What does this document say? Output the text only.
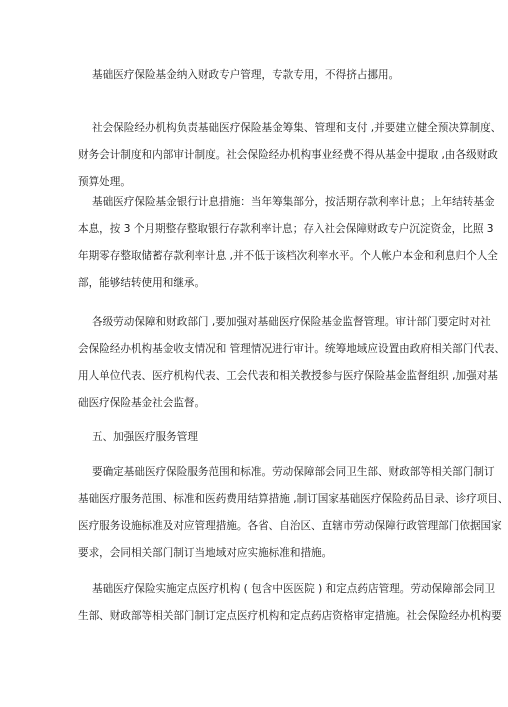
基础医疗保险基金纳入财政专户管理，专款专用，不得挤占挪用。

社会保险经办机构负责基础医疗保险基金筹集、管理和支付 ,并要建立健全预决算制度、
财务会计制度和内部审计制度。社会保险经办机构事业经费不得从基金中提取 ,由各级财政
预算处理。

基础医疗保险基金银行计息措施：当年筹集部分，按活期存款利率计息；上年结转基金
本息，按 3 个月期整存整取银行存款利率计息；存入社会保障财政专户沉淀资金，比照 3
年期零存整取储蓄存款利率计息 ,并不低于该档次利率水平。个人帐户本金和利息归个人全
部，能够结转使用和继承。

各级劳动保障和财政部门 ,要加强对基础医疗保险基金监督管理。审计部门要定时对社
会保险经办机构基金收支情况和 管理情况进行审计。统筹地域应设置由政府相关部门代表、
用人单位代表、医疗机构代表、工会代表和相关教授参与医疗保险基金监督组织 ,加强对基
础医疗保险基金社会监督。

五、加强医疗服务管理

要确定基础医疗保险服务范围和标准。劳动保障部会同卫生部、财政部等相关部门制订
基础医疗服务范围、标准和医药费用结算措施 ,制订国家基础医疗保险药品目录、诊疗项目、
医疗服务设施标准及对应管理措施。各省、自治区、直辖市劳动保障行政管理部门依据国家
要求，会同相关部门制订当地域对应实施标准和措施。

基础医疗保险实施定点医疗机构 ( 包含中医医院 ) 和定点药店管理。劳动保障部会同卫
生部、财政部等相关部门制订定点医疗机构和定点药店资格审定措施。社会保险经办机构要
